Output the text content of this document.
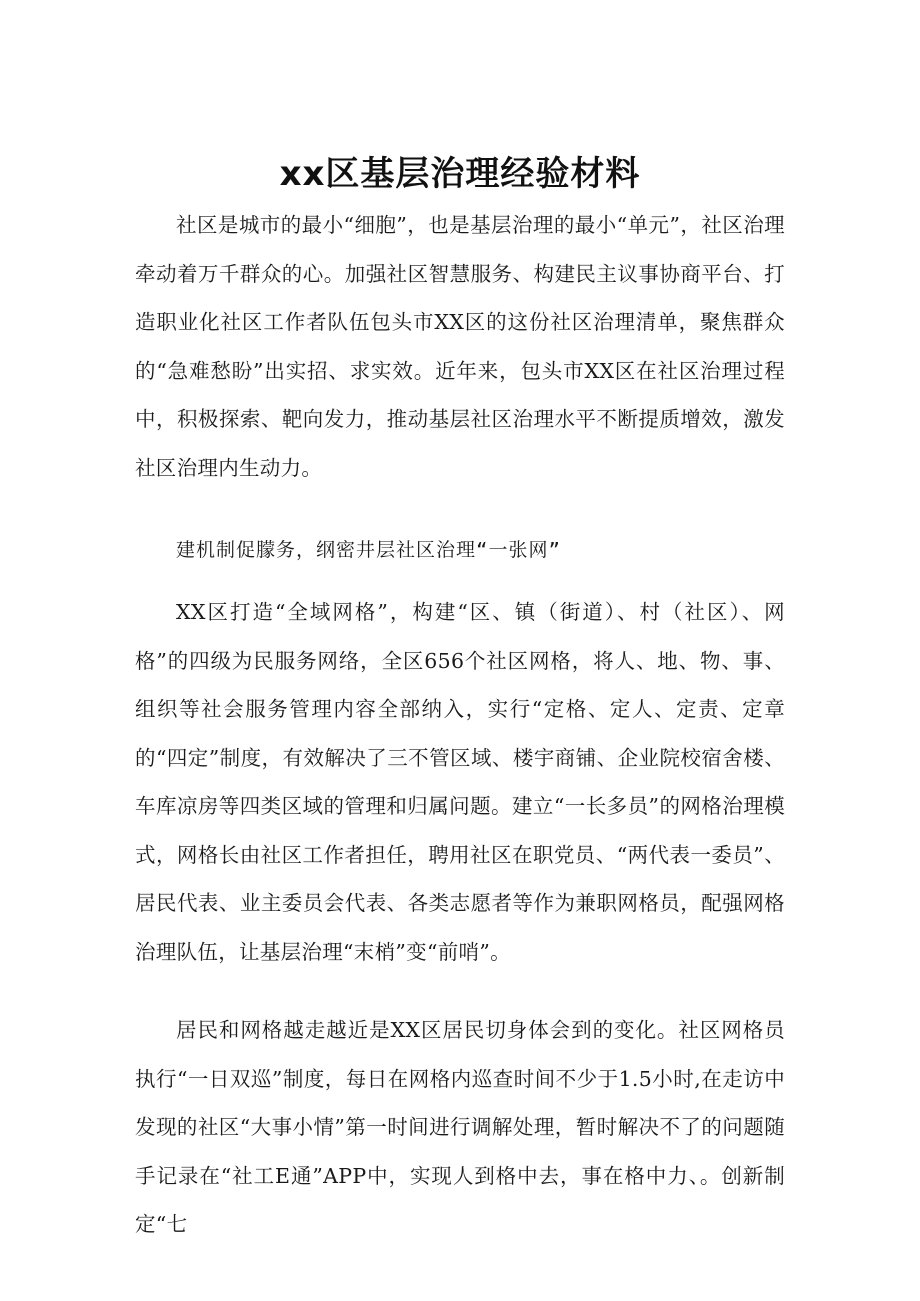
xx区基层治理经验材料

社区是城市的最小“细胞”，也是基层治理的最小“单元”，社区治理牵动着万千群众的心。加强社区智慧服务、构建民主议事协商平台、打造职业化社区工作者队伍包头市XX区的这份社区治理清单，聚焦群众的“急难愁盼”出实招、求实效。近年来，包头市XX区在社区治理过程中，积极探索、靶向发力，推动基层社区治理水平不断提质增效，激发社区治理内生动力。

建机制促朦务，纲密井层社区治理“一张网”

XX区打造“全域网格”，构建“区、镇（街道）、村（社区）、网格”的四级为民服务网络，全区656个社区网格，将人、地、物、事、组织等社会服务管理内容全部纳入，实行“定格、定人、定责、定章的“四定”制度，有效解决了三不管区域、楼宇商铺、企业院校宿舍楼、车库凉房等四类区域的管理和归属问题。建立“一长多员”的网格治理模式，网格长由社区工作者担任，聘用社区在职党员、“两代表一委员”、居民代表、业主委员会代表、各类志愿者等作为兼职网格员，配强网格治理队伍，让基层治理“末梢”变“前哨”。

居民和网格越走越近是XX区居民切身体会到的变化。社区网格员执行“一日双巡”制度，每日在网格内巡查时间不少于1.5小时,在走访中发现的社区“大事小情”第一时间进行调解处理，暂时解决不了的问题随手记录在“社工E通”APP中，实现人到格中去，事在格中力、。创新制定“七
